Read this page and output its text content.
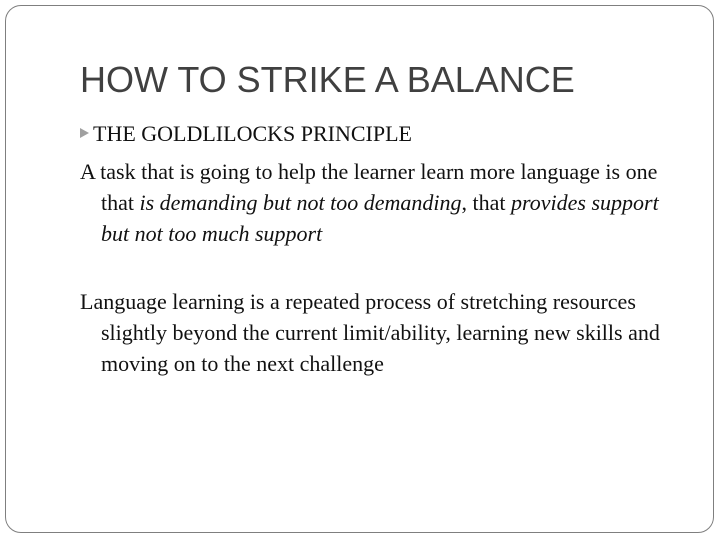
HOW TO STRIKE A BALANCE
THE GOLDLILOCKS PRINCIPLE

A task that is going to help the learner learn more language is one that is demanding but not too demanding, that provides support but not too much support

Language learning is a repeated process of stretching resources slightly beyond the current limit/ability, learning new skills and moving on to the next challenge
